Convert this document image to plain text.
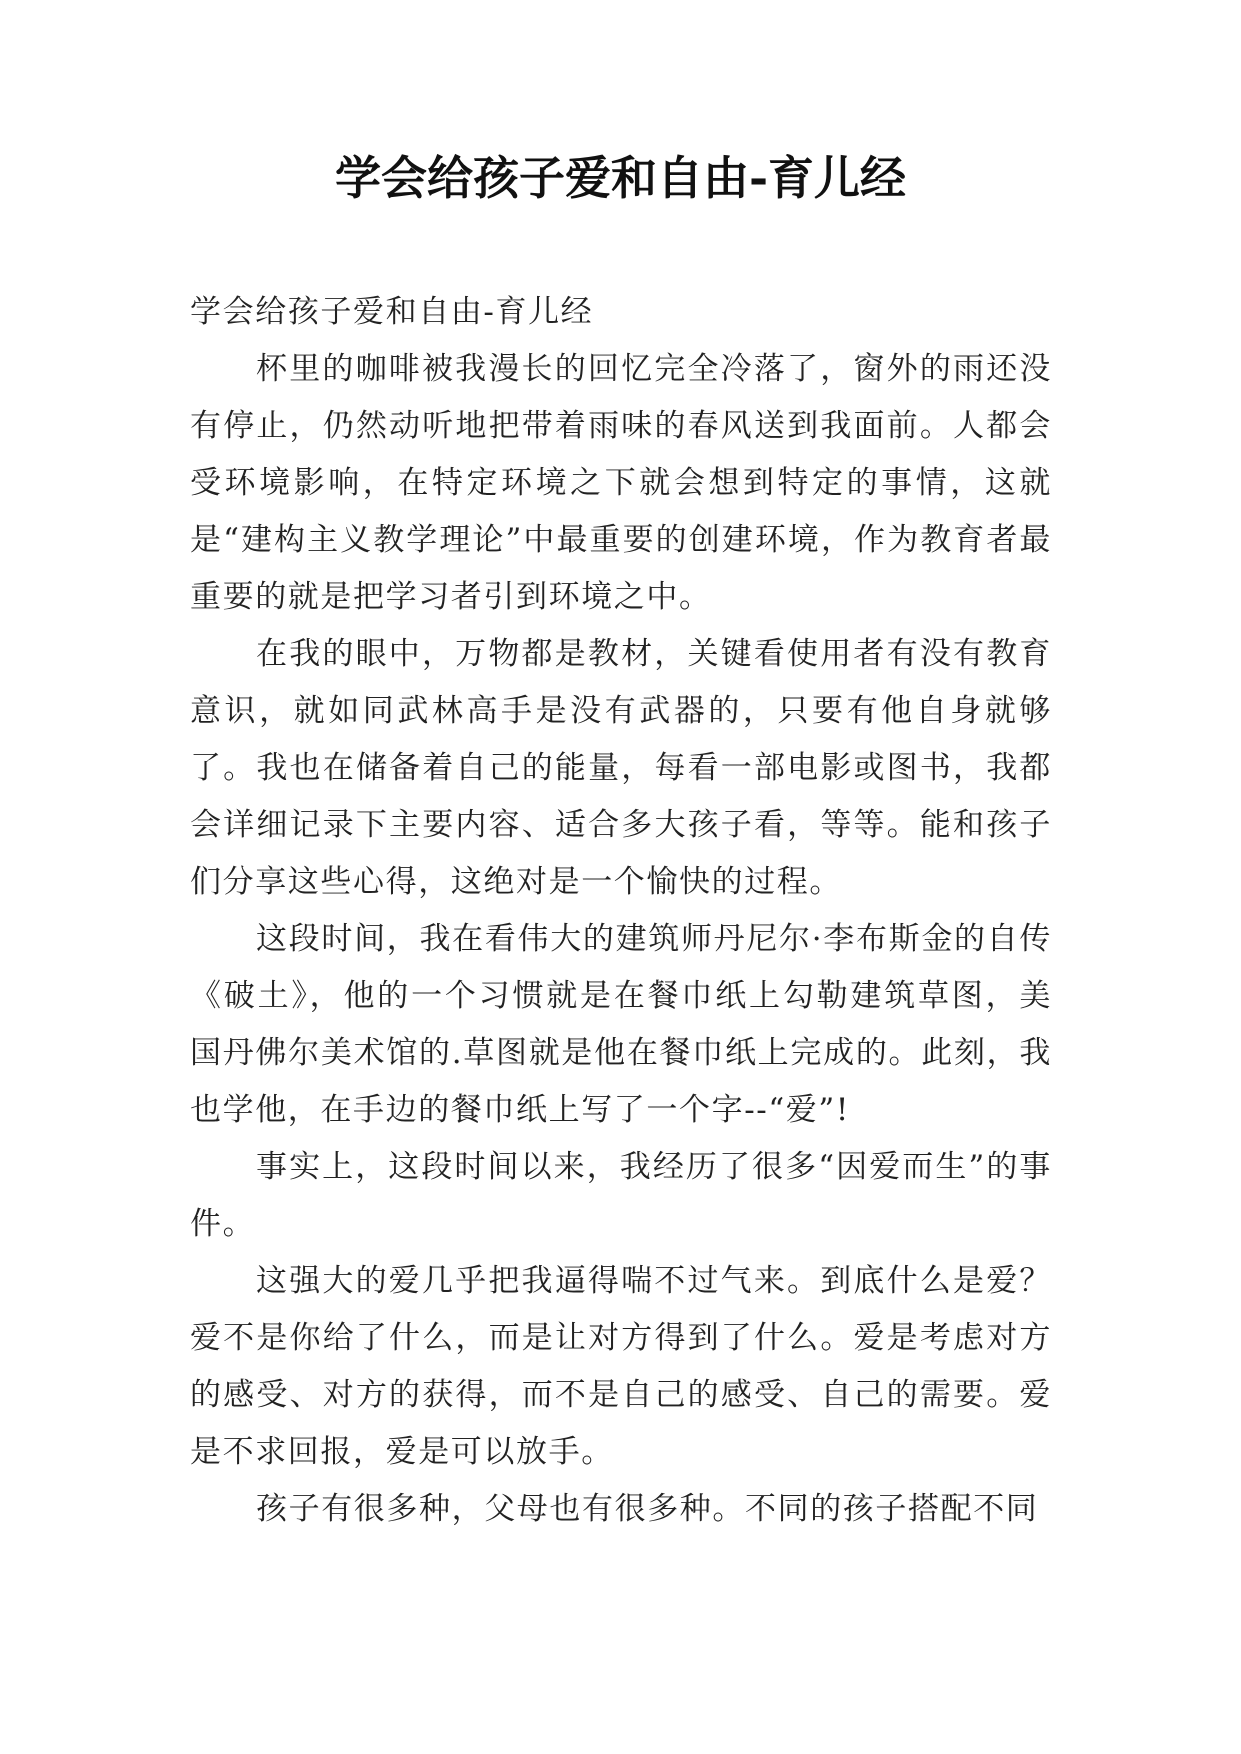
学会给孩子爱和自由-育儿经

学会给孩子爱和自由-育儿经

杯里的咖啡被我漫长的回忆完全冷落了，窗外的雨还没有停止，仍然动听地把带着雨味的春风送到我面前。人都会受环境影响，在特定环境之下就会想到特定的事情，这就是“建构主义教学理论”中最重要的创建环境，作为教育者最重要的就是把学习者引到环境之中。

在我的眼中，万物都是教材，关键看使用者有没有教育意识，就如同武林高手是没有武器的，只要有他自身就够了。我也在储备着自己的能量，每看一部电影或图书，我都会详细记录下主要内容、适合多大孩子看，等等。能和孩子们分享这些心得，这绝对是一个愉快的过程。

这段时间，我在看伟大的建筑师丹尼尔·李布斯金的自传《破土》，他的一个习惯就是在餐巾纸上勾勒建筑草图，美国丹佛尔美术馆的.草图就是他在餐巾纸上完成的。此刻，我也学他，在手边的餐巾纸上写了一个字--“爱”!

事实上，这段时间以来，我经历了很多“因爱而生”的事件。

这强大的爱几乎把我逼得喘不过气来。到底什么是爱？爱不是你给了什么，而是让对方得到了什么。爱是考虑对方的感受、对方的获得，而不是自己的感受、自己的需要。爱是不求回报，爱是可以放手。

孩子有很多种，父母也有很多种。不同的孩子搭配不同
